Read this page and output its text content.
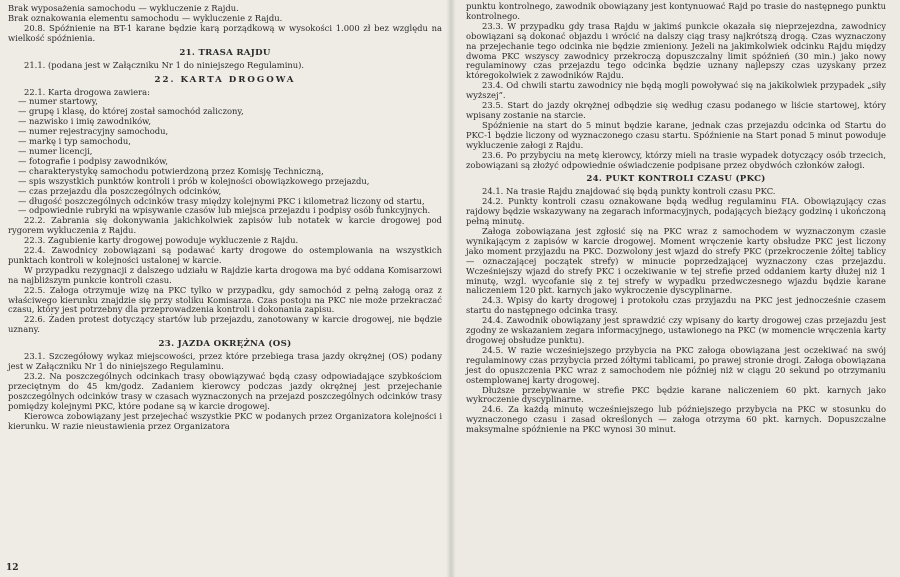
Brak wyposażenia samochodu — wykluczenie z Rajdu.

Brak oznakowania elementu samochodu — wykluczenie z Rajdu.

20.8. Spóźnienie na BT-1 karane będzie karą porządkową w wysokości 1.000 zł bez względu na wielkość spóźnienia.

21. TRASA RAJDU

21.1. (podana jest w Załączniku Nr 1 do niniejszego Regulaminu).

22. KARTA DROGOWA

22.1. Karta drogowa zawiera:

— numer startowy,
— grupę i klasę, do której został samochód zaliczony,
— nazwisko i imię zawodników,
— numer rejestracyjny samochodu,
— markę i typ samochodu,
— numer licencji,
— fotografie i podpisy zawodników,
— charakterystykę samochodu potwierdzoną przez Komisję Techniczną,
— spis wszystkich punktów kontroli i prób w kolejności obowiązkowego przejazdu,
— czas przejazdu dla poszczególnych odcinków,
— długość poszczególnych odcinków trasy między kolejnymi PKC i kilometraż liczony od startu,
— odpowiednie rubryki na wpisywanie czasów lub miejsca przejazdu i podpisy osób funkcyjnych.

22.2. Zabrania się dokonywania jakichkolwiek zapisów lub notatek w karcie drogowej pod rygorem wykluczenia z Rajdu.

22.3. Zagubienie karty drogowej powoduje wykluczenie z Rajdu.

22.4. Zawodnicy zobowiązani są podawać karty drogowe do ostemplowania na wszystkich punktach kontroli w kolejności ustalonej w karcie.

W przypadku rezygnacji z dalszego udziału w Rajdzie karta drogowa ma być oddana Komisarzowi na najbliższym punkcie kontroli czasu.

22.5. Załoga otrzymuje wizę na PKC tylko w przypadku, gdy samochód z pełną załogą oraz z właściwego kierunku znajdzie się przy stoliku Komisarza. Czas postoju na PKC nie może przekraczać czasu, który jest potrzebny dla przeprowadzenia kontroli i dokonania zapisu.

22.6. Żaden protest dotyczący startów lub przejazdu, zanotowany w karcie drogowej, nie będzie uznany.

23. JAZDA OKRĘŻNA (OS)

23.1. Szczegółowy wykaz miejscowości, przez które przebiega trasa jazdy okrężnej (OS) podany jest w Załączniku Nr 1 do niniejszego Regulaminu.

23.2. Na poszczególnych odcinkach trasy obowiązywać będą czasy odpowiadające szybkościom przeciętnym do 45 km/godz. Zadaniem kierowcy podczas jazdy okrężnej jest przejechanie poszczególnych odcinków trasy w czasach wyznaczonych na przejazd poszczególnych odcinków trasy pomiędzy kolejnymi PKC, które podane są w karcie drogowej.

Kierowca zobowiązany jest przejechać wszystkie PKC w podanych przez Organizatora kolejności i kierunku. W razie nieustawienia przez Organizatora

12

punktu kontrolnego, zawodnik obowiązany jest kontynuować Rajd po trasie do następnego punktu kontrolnego.

23.3. W przypadku gdy trasa Rajdu w jakimś punkcie okazała się nieprzejezdna, zawodnicy obowiązani są dokonać objazdu i wrócić na dalszy ciąg trasy najkrótszą drogą. Czas wyznaczony na przejechanie tego odcinka nie będzie zmieniony. Jeżeli na jakimkolwiek odcinku Rajdu między dwoma PKC wszyscy zawodnicy przekroczą dopuszczalny limit spóźnień (30 min.) jako nowy regulaminowy czas przejazdu tego odcinka będzie uznany najlepszy czas uzyskany przez któregokolwiek z zawodników Rajdu.

23.4. Od chwili startu zawodnicy nie będą mogli powoływać się na jakikolwiek przypadek „siły wyższej”.

23.5. Start do jazdy okrężnej odbędzie się według czasu podanego w liście startowej, który wpisany zostanie na starcie.

Spóźnienie na start do 5 minut będzie karane, jednak czas przejazdu odcinka od Startu do PKC-1 będzie liczony od wyznaczonego czasu startu. Spóźnienie na Start ponad 5 minut powoduje wykluczenie załogi z Rajdu.

23.6. Po przybyciu na metę kierowcy, którzy mieli na trasie wypadek dotyczący osób trzecich, zobowiązani są złożyć odpowiednie oświadczenie podpisane przez obydwóch członków załogi.

24. PUKT KONTROLI CZASU (PKC)

24.1. Na trasie Rajdu znajdować się będą punkty kontroli czasu PKC.

24.2. Punkty kontroli czasu oznakowane będą według regulaminu FIA. Obowiązujący czas rajdowy będzie wskazywany na zegarach informacyjnych, podających bieżący godzinę i ukończoną pełną minutę.

Załoga zobowiązana jest zgłosić się na PKC wraz z samochodem w wyznaczonym czasie wynikającym z zapisów w karcie drogowej. Moment wręczenie karty obsłudze PKC jest liczony jako moment przyjazdu na PKC. Dozwolony jest wjazd do strefy PKC (przekroczenie żółtej tablicy — oznaczającej początek strefy) w minucie poprzedzającej wyznaczony czas przejazdu. Wcześniejszy wjazd do strefy PKC i oczekiwanie w tej strefie przed oddaniem karty dłużej niż 1 minutę, wzgl. wycofanie się z tej strefy w wypadku przedwczesnego wjazdu będzie karane naliczeniem 120 pkt. karnych jako wykroczenie dyscyplinarne.

24.3. Wpisy do karty drogowej i protokołu czas przyjazdu na PKC jest jednocześnie czasem startu do następnego odcinka trasy.

24.4. Zawodnik obowiązany jest sprawdzić czy wpisany do karty drogowej czas przejazdu jest zgodny ze wskazaniem zegara informacyjnego, ustawionego na PKC (w momencie wręczenia karty drogowej obsłudze punktu).

24.5. W razie wcześniejszego przybycia na PKC załoga obowiązana jest oczekiwać na swój regulaminowy czas przybycia przed żółtymi tablicami, po prawej stronie drogi. Załoga obowiązana jest do opuszczenia PKC wraz z samochodem nie później niż w ciągu 20 sekund po otrzymaniu ostemplowanej karty drogowej.

Dłuższe przebywanie w strefie PKC będzie karane naliczeniem 60 pkt. karnych jako wykroczenie dyscyplinarne.

24.6. Za każdą minutę wcześniejszego lub późniejszego przybycia na PKC w stosunku do wyznaczonego czasu i zasad określonych — załoga otrzyma 60 pkt. karnych. Dopuszczalne maksymalne spóźnienie na PKC wynosi 30 minut.
